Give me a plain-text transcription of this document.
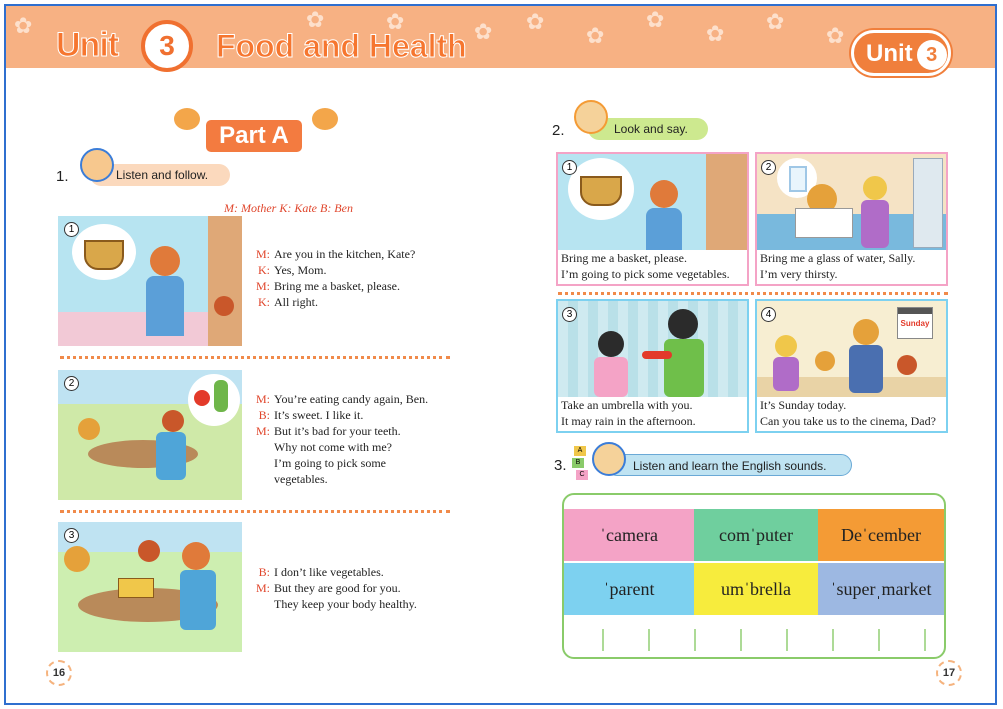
✿	✿ ✿
✿
✿
✿ ✿
✿
✿	✿
Unit	3	Food and Health	Unit 3
Part A
1.	Listen and follow.
M: Mother K: Kate B: Ben
1
M: Are you in the kitchen, Kate?
K: Yes, Mom.
M: Bring me a basket, please.
K: All right.
2
M: You’re eating candy again, Ben.
B: It’s sweet. I like it.
M: But it’s bad for your teeth.
Why not come with me?
I’m going to pick some
vegetables.
3
B: I don’t like vegetables.
M: But they are good for you.
They keep your body healthy.
16
2.	Look and say.
1
Bring me a basket, please.
I’m going to pick some vegetables.
2
Bring me a glass of water, Sally.
I’m very thirsty.
3
Take an umbrella with you.
It may rain in the afternoon.
Sunday
4
It’s Sunday today.
Can you take us to the cinema, Dad?
3.
A
B
C
Listen and learn the English sounds.
ˈcamera	comˈputer	Deˈcember
ˈparent	umˈbrella	ˈsuperˌmarket
17
